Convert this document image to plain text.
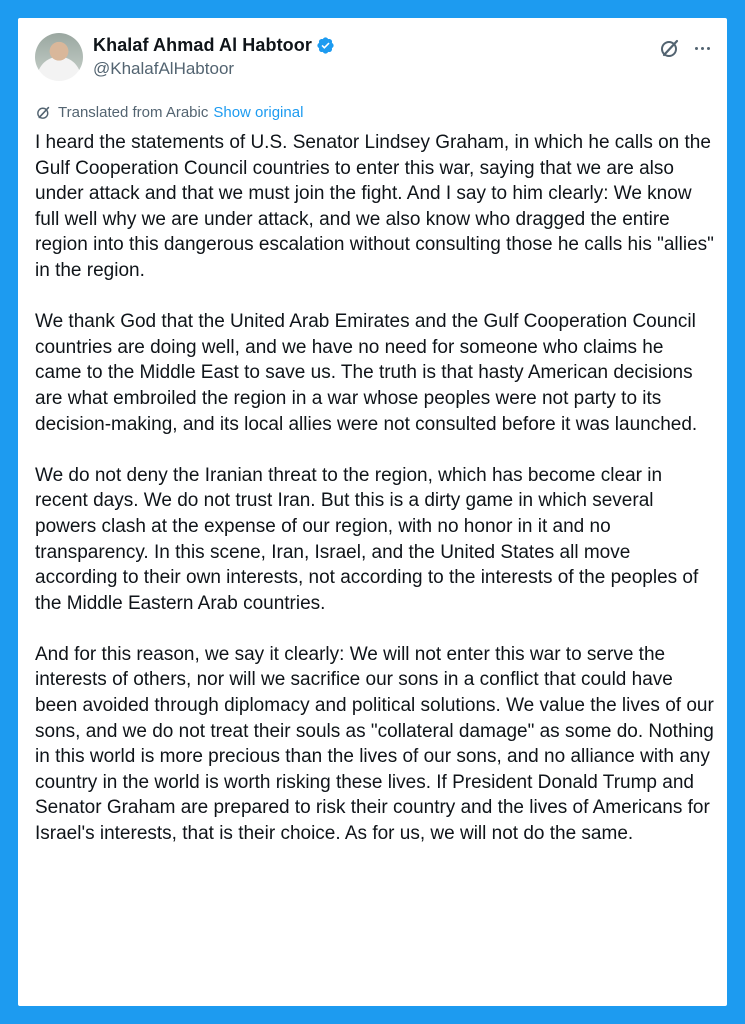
Khalaf Ahmad Al Habtoor
@KhalafAlHabtoor
Translated from Arabic Show original

I heard the statements of U.S. Senator Lindsey Graham, in which he calls on the Gulf Cooperation Council countries to enter this war, saying that we are also under attack and that we must join the fight. And I say to him clearly: We know full well why we are under attack, and we also know who dragged the entire region into this dangerous escalation without consulting those he calls his "allies" in the region.

We thank God that the United Arab Emirates and the Gulf Cooperation Council countries are doing well, and we have no need for someone who claims he came to the Middle East to save us. The truth is that hasty American decisions are what embroiled the region in a war whose peoples were not party to its decision-making, and its local allies were not consulted before it was launched.

We do not deny the Iranian threat to the region, which has become clear in recent days. We do not trust Iran. But this is a dirty game in which several powers clash at the expense of our region, with no honor in it and no transparency. In this scene, Iran, Israel, and the United States all move according to their own interests, not according to the interests of the peoples of the Middle Eastern Arab countries.

And for this reason, we say it clearly: We will not enter this war to serve the interests of others, nor will we sacrifice our sons in a conflict that could have been avoided through diplomacy and political solutions. We value the lives of our sons, and we do not treat their souls as "collateral damage" as some do. Nothing in this world is more precious than the lives of our sons, and no alliance with any country in the world is worth risking these lives. If President Donald Trump and Senator Graham are prepared to risk their country and the lives of Americans for Israel's interests, that is their choice. As for us, we will not do the same.
